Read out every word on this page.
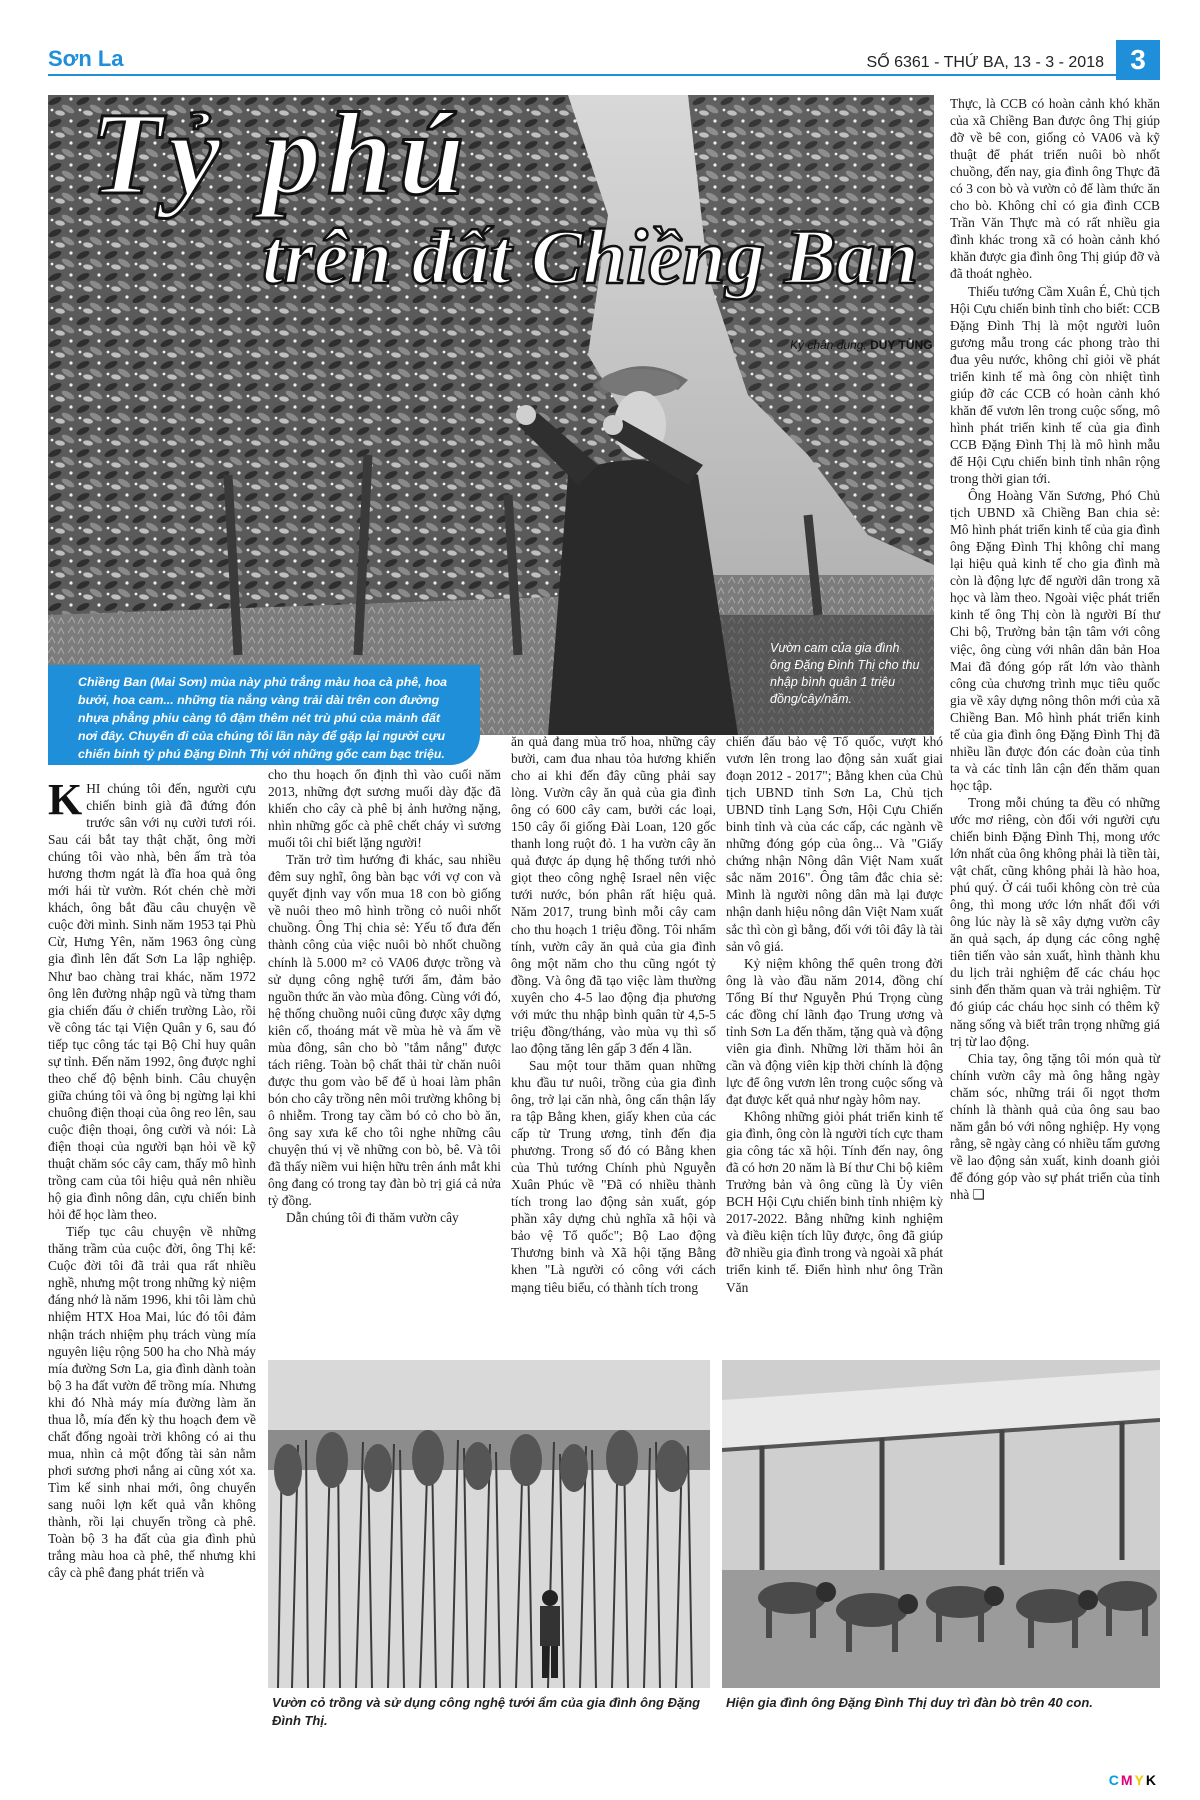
Sơn La	SỐ 6361 - THỨ BA, 13 - 3 - 2018 3
Tỷ phú
trên đất Chiềng Ban
Ký chân dung: DUY TÙNG
Vườn cam của gia đình ông Đặng Đình Thị cho thu nhập bình quân 1 triệu đồng/cây/năm.
Chiềng Ban (Mai Sơn) mùa này phủ trắng màu hoa cà phê, hoa bưởi, hoa cam... những tia nắng vàng trải dài trên con đường nhựa phẳng phiu càng tô đậm thêm nét trù phú của mảnh đất nơi đây. Chuyến đi của chúng tôi lần này để gặp lại người cựu chiến binh tỷ phú Đặng Đình Thị với những gốc cam bạc triệu.

KHI chúng tôi đến, người cựu chiến binh già đã đứng đón trước sân với nụ cười tươi rói. Sau cái bắt tay thật chặt, ông mời chúng tôi vào nhà, bên ấm trà tỏa hương thơm ngát là đĩa hoa quả ông mới hái từ vườn. Rót chén chè mời khách, ông bắt đầu câu chuyện về cuộc đời mình. Sinh năm 1953 tại Phù Cừ, Hưng Yên, năm 1963 ông cùng gia đình lên đất Sơn La lập nghiệp. Như bao chàng trai khác, năm 1972 ông lên đường nhập ngũ và từng tham gia chiến đấu ở chiến trường Lào, rồi về công tác tại Viện Quân y 6, sau đó tiếp tục công tác tại Bộ Chỉ huy quân sự tỉnh. Đến năm 1992, ông được nghỉ theo chế độ bệnh binh. Câu chuyện giữa chúng tôi và ông bị ngừng lại khi chuông điện thoại của ông reo lên, sau cuộc điện thoại, ông cười và nói: Là điện thoại của người bạn hỏi về kỹ thuật chăm sóc cây cam, thấy mô hình trồng cam của tôi hiệu quả nên nhiều hộ gia đình nông dân, cựu chiến binh hỏi để học làm theo.

Tiếp tục câu chuyện về những thăng trầm của cuộc đời, ông Thị kể: Cuộc đời tôi đã trải qua rất nhiều nghề, nhưng một trong những kỷ niệm đáng nhớ là năm 1996, khi tôi làm chủ nhiệm HTX Hoa Mai, lúc đó tôi đảm nhận trách nhiệm phụ trách vùng mía nguyên liệu rộng 500 ha cho Nhà máy mía đường Sơn La, gia đình dành toàn bộ 3 ha đất vườn để trồng mía. Nhưng khi đó Nhà máy mía đường làm ăn thua lỗ, mía đến kỳ thu hoạch đem về chất đống ngoài trời không có ai thu mua, nhìn cả một đống tài sản nằm phơi sương phơi nắng ai cũng xót xa. Tìm kế sinh nhai mới, ông chuyển sang nuôi lợn kết quả vẫn không thành, rồi lại chuyển trồng cà phê. Toàn bộ 3 ha đất của gia đình phủ trắng màu hoa cà phê, thế nhưng khi cây cà phê đang phát triển và

cho thu hoạch ổn định thì vào cuối năm 2013, những đợt sương muối dày đặc đã khiến cho cây cà phê bị ảnh hưởng nặng, nhìn những gốc cà phê chết cháy vì sương muối tôi chỉ biết lặng người!

Trăn trở tìm hướng đi khác, sau nhiều đêm suy nghĩ, ông bàn bạc với vợ con và quyết định vay vốn mua 18 con bò giống về nuôi theo mô hình trồng cỏ nuôi nhốt chuồng. Ông Thị chia sẻ: Yếu tố đưa đến thành công của việc nuôi bò nhốt chuồng chính là 5.000 m² cỏ VA06 được trồng và sử dụng công nghệ tưới ẩm, đảm bảo nguồn thức ăn vào mùa đông. Cùng với đó, hệ thống chuồng nuôi cũng được xây dựng kiên cố, thoáng mát về mùa hè và ấm về mùa đông, sân cho bò "tắm nắng" được tách riêng. Toàn bộ chất thải từ chăn nuôi được thu gom vào bể để ủ hoai làm phân bón cho cây trồng nên môi trường không bị ô nhiễm. Trong tay cầm bó cỏ cho bò ăn, ông say xưa kể cho tôi nghe những câu chuyện thú vị về những con bò, bê. Và tôi đã thấy niềm vui hiện hữu trên ánh mắt khi ông đang có trong tay đàn bò trị giá cả nửa tỷ đồng.

Dẫn chúng tôi đi thăm vườn cây

ăn quả đang mùa trổ hoa, những cây bưởi, cam đua nhau tỏa hương khiến cho ai khi đến đây cũng phải say lòng. Vườn cây ăn quả của gia đình ông có 600 cây cam, bưởi các loại, 150 cây ổi giống Đài Loan, 120 gốc thanh long ruột đỏ. 1 ha vườn cây ăn quả được áp dụng hệ thống tưới nhỏ giọt theo công nghệ Israel nên việc tưới nước, bón phân rất hiệu quả. Năm 2017, trung bình mỗi cây cam cho thu hoạch 1 triệu đồng. Tôi nhẩm tính, vườn cây ăn quả của gia đình ông một năm cho thu cũng ngót tỷ đồng. Và ông đã tạo việc làm thường xuyên cho 4-5 lao động địa phương với mức thu nhập bình quân từ 4,5-5 triệu đồng/tháng, vào mùa vụ thì số lao động tăng lên gấp 3 đến 4 lần.

Sau một tour thăm quan những khu đầu tư nuôi, trồng của gia đình ông, trở lại căn nhà, ông cẩn thận lấy ra tập Bằng khen, giấy khen của các cấp từ Trung ương, tỉnh đến địa phương. Trong số đó có Bằng khen của Thủ tướng Chính phủ Nguyễn Xuân Phúc về "Đã có nhiều thành tích trong lao động sản xuất, góp phần xây dựng chủ nghĩa xã hội và bảo vệ Tổ quốc"; Bộ Lao động Thương binh và Xã hội tặng Bằng khen "Là người có công với cách mạng tiêu biểu, có thành tích trong

chiến đấu bảo vệ Tổ quốc, vượt khó vươn lên trong lao động sản xuất giai đoạn 2012 - 2017"; Bằng khen của Chủ tịch UBND tỉnh Sơn La, Chủ tịch UBND tỉnh Lạng Sơn, Hội Cựu Chiến binh tỉnh và của các cấp, các ngành về những đóng góp của ông... Và "Giấy chứng nhận Nông dân Việt Nam xuất sắc năm 2016". Ông tâm đắc chia sẻ: Mình là người nông dân mà lại được nhận danh hiệu nông dân Việt Nam xuất sắc thì còn gì bằng, đối với tôi đây là tài sản vô giá.

Kỷ niệm không thể quên trong đời ông là vào đầu năm 2014, đồng chí Tổng Bí thư Nguyễn Phú Trọng cùng các đồng chí lãnh đạo Trung ương và tỉnh Sơn La đến thăm, tặng quà và động viên gia đình. Những lời thăm hỏi ân cần và động viên kịp thời chính là động lực để ông vươn lên trong cuộc sống và đạt được kết quả như ngày hôm nay.

Không những giỏi phát triển kinh tế gia đình, ông còn là người tích cực tham gia công tác xã hội. Tính đến nay, ông đã có hơn 20 năm là Bí thư Chi bộ kiêm Trưởng bản và ông cũng là Ủy viên BCH Hội Cựu chiến binh tỉnh nhiệm kỳ 2017-2022. Bằng những kinh nghiệm và điều kiện tích lũy được, ông đã giúp đỡ nhiều gia đình trong và ngoài xã phát triển kinh tế. Điển hình như ông Trần Văn

Thực, là CCB có hoàn cảnh khó khăn của xã Chiềng Ban được ông Thị giúp đỡ về bê con, giống cỏ VA06 và kỹ thuật để phát triển nuôi bò nhốt chuồng, đến nay, gia đình ông Thực đã có 3 con bò và vườn cỏ để làm thức ăn cho bò. Không chỉ có gia đình CCB Trần Văn Thực mà có rất nhiều gia đình khác trong xã có hoàn cảnh khó khăn được gia đình ông Thị giúp đỡ và đã thoát nghèo.

Thiếu tướng Cầm Xuân É, Chủ tịch Hội Cựu chiến binh tỉnh cho biết: CCB Đặng Đình Thị là một người luôn gương mẫu trong các phong trào thi đua yêu nước, không chỉ giỏi về phát triển kinh tế mà ông còn nhiệt tình giúp đỡ các CCB có hoàn cảnh khó khăn để vươn lên trong cuộc sống, mô hình phát triển kinh tế của gia đình CCB Đặng Đình Thị là mô hình mẫu để Hội Cựu chiến binh tỉnh nhân rộng trong thời gian tới.

Ông Hoàng Văn Sương, Phó Chủ tịch UBND xã Chiềng Ban chia sẻ: Mô hình phát triển kinh tế của gia đình ông Đặng Đình Thị không chỉ mang lại hiệu quả kinh tế cho gia đình mà còn là động lực để người dân trong xã học và làm theo. Ngoài việc phát triển kinh tế ông Thị còn là người Bí thư Chi bộ, Trưởng bản tận tâm với công việc, ông cùng với nhân dân bản Hoa Mai đã đóng góp rất lớn vào thành công của chương trình mục tiêu quốc gia về xây dựng nông thôn mới của xã Chiềng Ban. Mô hình phát triển kinh tế của gia đình ông Đặng Đình Thị đã nhiều lần được đón các đoàn của tỉnh ta và các tỉnh lân cận đến thăm quan học tập.

Trong mỗi chúng ta đều có những ước mơ riêng, còn đối với người cựu chiến binh Đặng Đình Thị, mong ước lớn nhất của ông không phải là tiền tài, vật chất, cũng không phải là hào hoa, phú quý. Ở cái tuổi không còn trẻ của ông, thì mong ước lớn nhất đối với ông lúc này là sẽ xây dựng vườn cây ăn quả sạch, áp dụng các công nghệ tiên tiến vào sản xuất, hình thành khu du lịch trải nghiệm để các cháu học sinh đến thăm quan và trải nghiệm. Từ đó giúp các cháu học sinh có thêm kỹ năng sống và biết trân trọng những giá trị từ lao động.

Chia tay, ông tặng tôi món quà từ chính vườn cây mà ông hằng ngày chăm sóc, những trái ổi ngọt thơm chính là thành quả của ông sau bao năm gắn bó với nông nghiệp. Hy vọng rằng, sẽ ngày càng có nhiều tấm gương về lao động sản xuất, kinh doanh giỏi để đóng góp vào sự phát triển của tỉnh nhà ❑

Vườn cỏ trồng và sử dụng công nghệ tưới ẩm của gia đình ông Đặng Đình Thị.
Hiện gia đình ông Đặng Đình Thị duy trì đàn bò trên 40 con.
CMYK
